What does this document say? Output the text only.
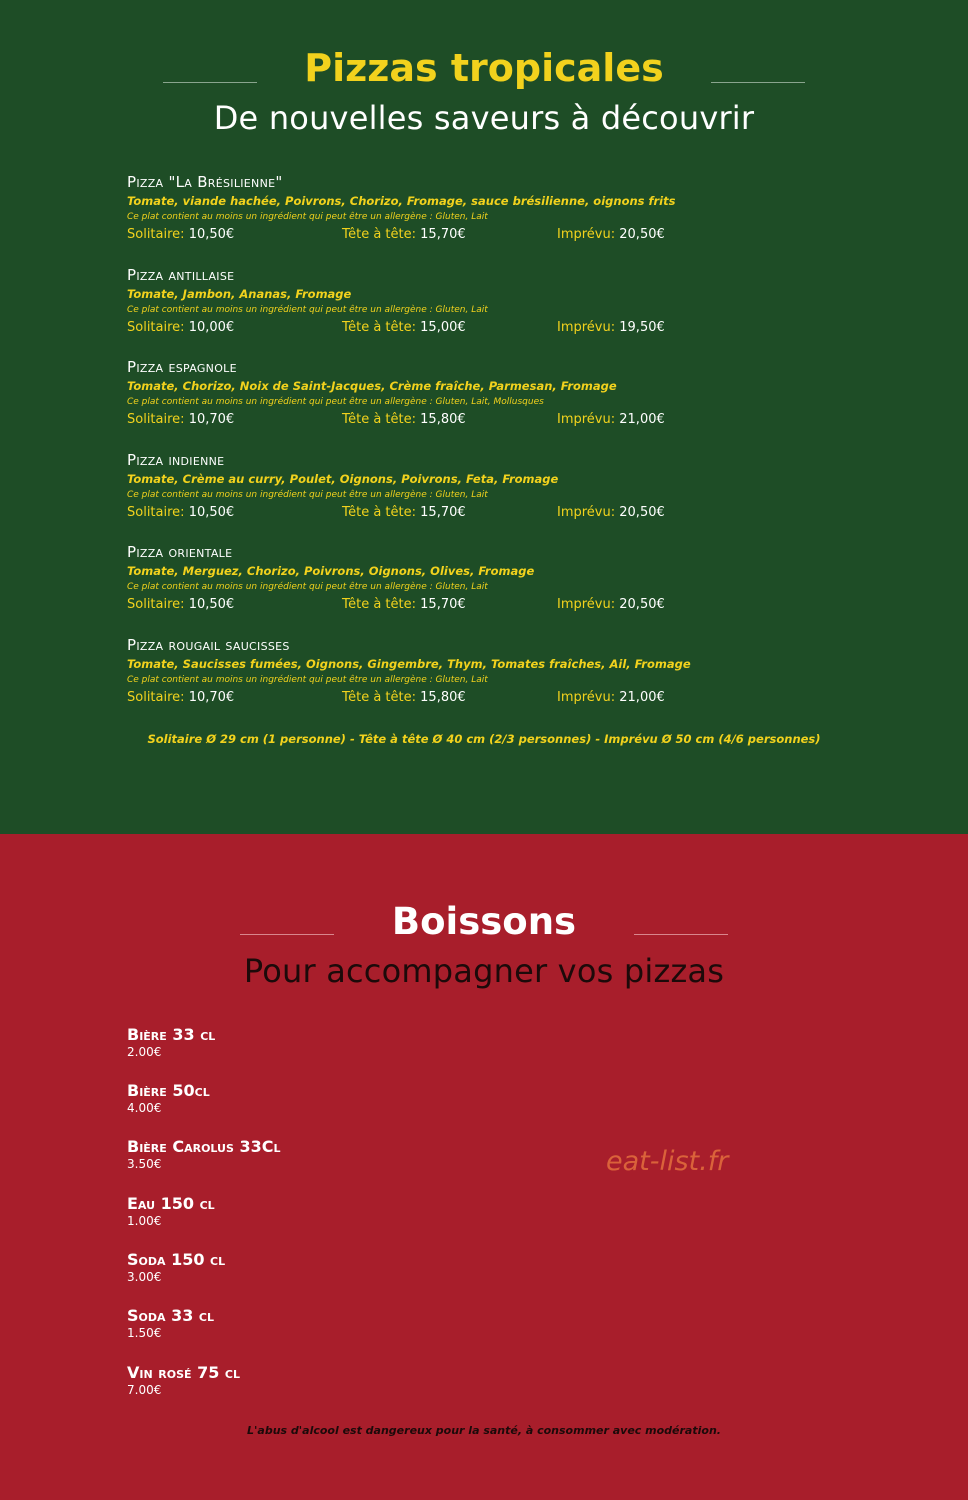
Pizzas tropicales
De nouvelles saveurs à découvrir
Pizza "La Brésilienne"
Tomate, viande hachée, Poivrons, Chorizo, Fromage, sauce brésilienne, oignons frits
Ce plat contient au moins un ingrédient qui peut être un allergène : Gluten, Lait
Solitaire: 10,50€	Tête à tête: 15,70€	Imprévu: 20,50€
Pizza antillaise
Tomate, Jambon, Ananas, Fromage
Ce plat contient au moins un ingrédient qui peut être un allergène : Gluten, Lait
Solitaire: 10,00€	Tête à tête: 15,00€	Imprévu: 19,50€
Pizza espagnole
Tomate, Chorizo, Noix de Saint-Jacques, Crème fraîche, Parmesan, Fromage
Ce plat contient au moins un ingrédient qui peut être un allergène : Gluten, Lait, Mollusques
Solitaire: 10,70€	Tête à tête: 15,80€	Imprévu: 21,00€
Pizza indienne
Tomate, Crème au curry, Poulet, Oignons, Poivrons, Feta, Fromage
Ce plat contient au moins un ingrédient qui peut être un allergène : Gluten, Lait
Solitaire: 10,50€	Tête à tête: 15,70€	Imprévu: 20,50€
Pizza orientale
Tomate, Merguez, Chorizo, Poivrons, Oignons, Olives, Fromage
Ce plat contient au moins un ingrédient qui peut être un allergène : Gluten, Lait
Solitaire: 10,50€	Tête à tête: 15,70€	Imprévu: 20,50€
Pizza rougail saucisses
Tomate, Saucisses fumées, Oignons, Gingembre, Thym, Tomates fraîches, Ail, Fromage
Ce plat contient au moins un ingrédient qui peut être un allergène : Gluten, Lait
Solitaire: 10,70€	Tête à tête: 15,80€	Imprévu: 21,00€
Solitaire Ø 29 cm (1 personne) - Tête à tête Ø 40 cm (2/3 personnes) - Imprévu Ø 50 cm (4/6 personnes)
Boissons
Pour accompagner vos pizzas
Bière 33 cl
2.00€
Bière 50cl
4.00€
Bière Carolus 33Cl
3.50€
Eau 150 cl
1.00€
Soda 150 cl
3.00€
Soda 33 cl
1.50€
Vin rosé 75 cl
7.00€
eat-list.fr
L'abus d'alcool est dangereux pour la santé, à consommer avec modération.
